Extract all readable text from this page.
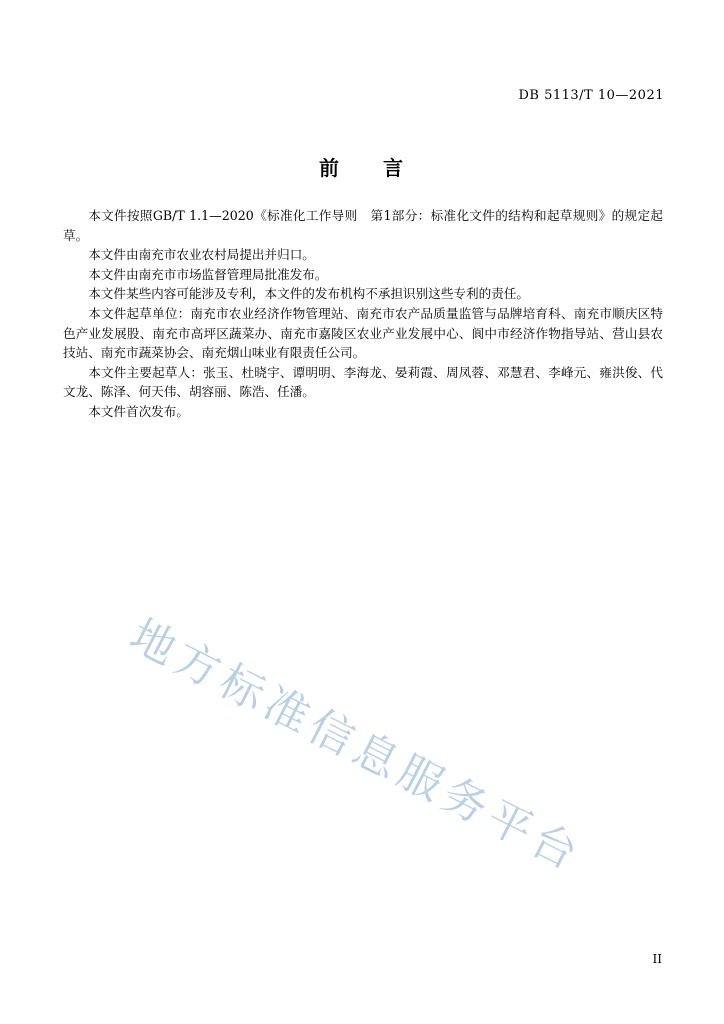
DB 5113/T 10—2021
前 言

本文件按照GB/T 1.1—2020《标准化工作导则　第1部分：标准化文件的结构和起草规则》的规定起草。

本文件由南充市农业农村局提出并归口。

本文件由南充市市场监督管理局批准发布。

本文件某些内容可能涉及专利，本文件的发布机构不承担识别这些专利的责任。

本文件起草单位：南充市农业经济作物管理站、南充市农产品质量监管与品牌培育科、南充市顺庆区特色产业发展股、南充市高坪区蔬菜办、南充市嘉陵区农业产业发展中心、阆中市经济作物指导站、营山县农技站、南充市蔬菜协会、南充烟山味业有限责任公司。

本文件主要起草人：张玉、杜晓宇、谭明明、李海龙、晏莉霞、周凤蓉、邓慧君、李峰元、雍洪俊、代文龙、陈泽、何天伟、胡容丽、陈浩、任潘。

本文件首次发布。

地方标准信息服务平台
II
